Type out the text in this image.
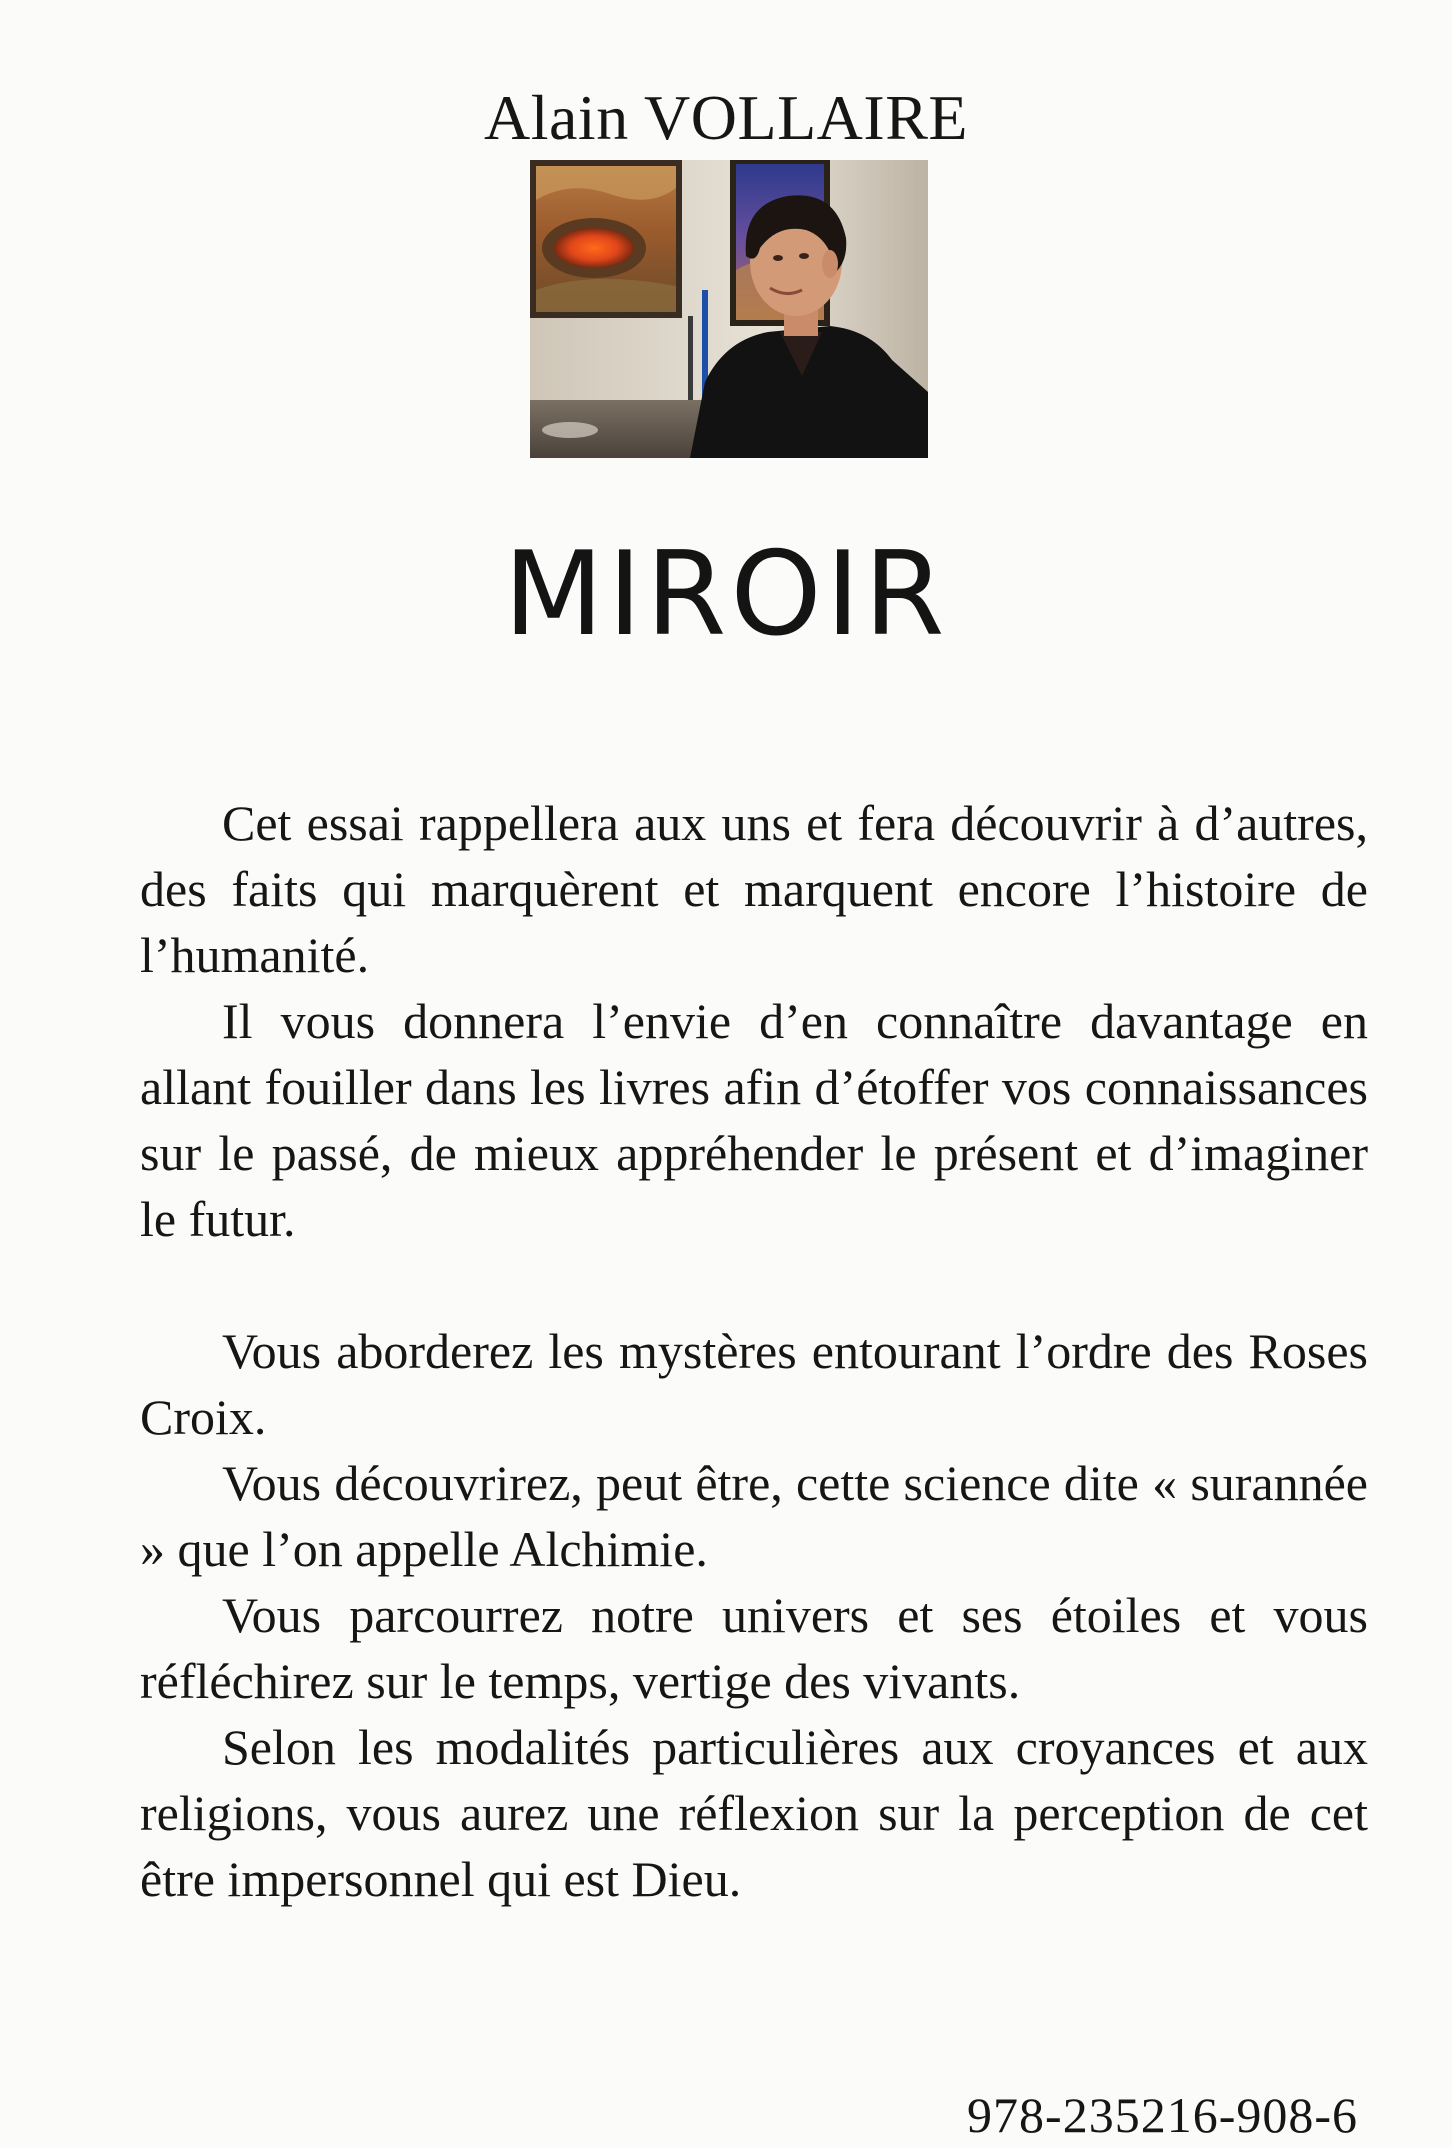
Alain VOLLAIRE
MIROIR

Cet essai rappellera aux uns et fera découvrir à d’autres, des faits qui marquèrent et marquent encore l’histoire de l’humanité.

Il vous donnera l’envie d’en connaître davantage en allant fouiller dans les livres afin d’étoffer vos connaissances sur le passé, de mieux appréhender le présent et d’imaginer le futur.

Vous aborderez les mystères entourant l’ordre des Roses Croix.

Vous découvrirez, peut être, cette science dite « surannée » que l’on appelle Alchimie.

Vous parcourrez notre univers et ses étoiles et vous réfléchirez sur le temps, vertige des vivants.

Selon les modalités particulières aux croyances et aux religions, vous aurez une réflexion sur la perception de cet être impersonnel qui est Dieu.

978-235216-908-6
